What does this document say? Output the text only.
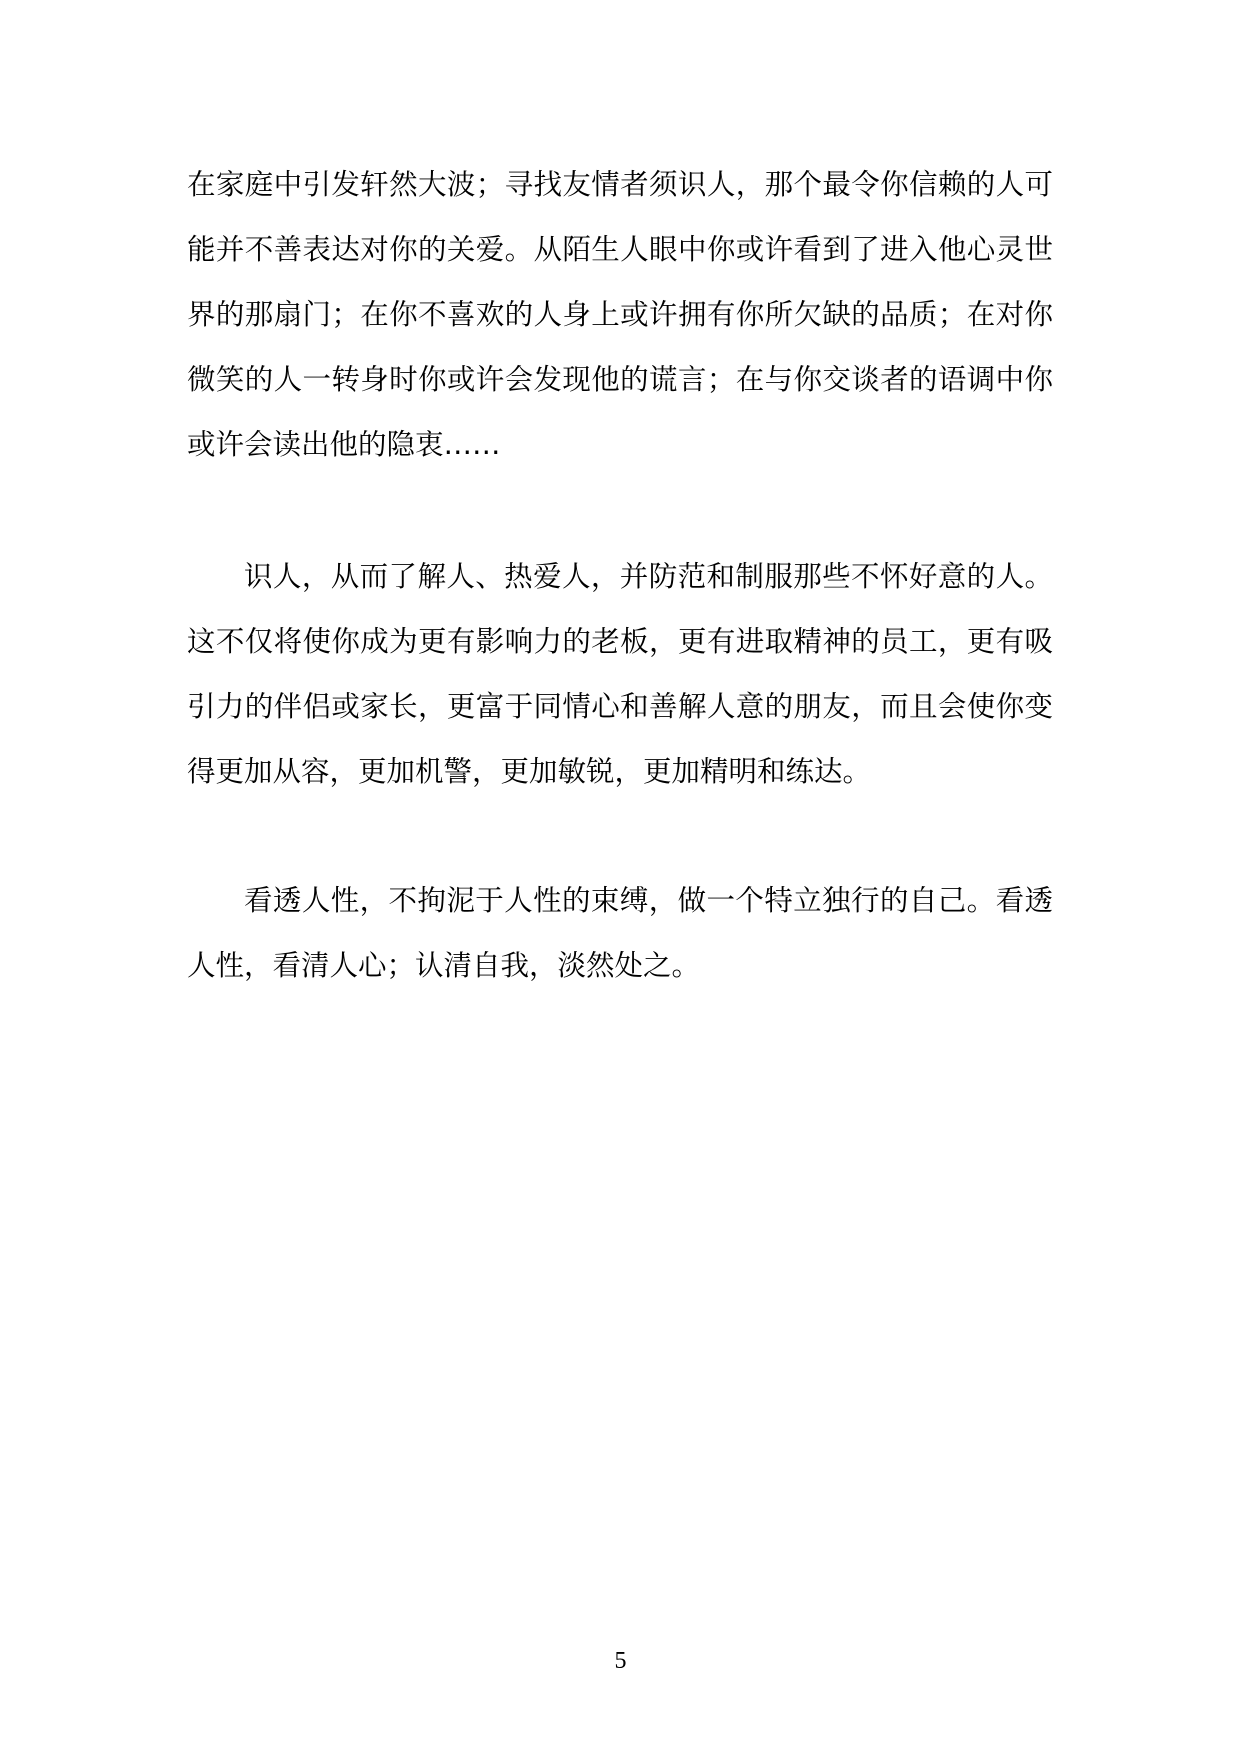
在家庭中引发轩然大波；寻找友情者须识人，那个最令你信赖的人可能并不善表达对你的关爱。从陌生人眼中你或许看到了进入他心灵世界的那扇门；在你不喜欢的人身上或许拥有你所欠缺的品质；在对你微笑的人一转身时你或许会发现他的谎言；在与你交谈者的语调中你或许会读出他的隐衷……

识人，从而了解人、热爱人，并防范和制服那些不怀好意的人。这不仅将使你成为更有影响力的老板，更有进取精神的员工，更有吸引力的伴侣或家长，更富于同情心和善解人意的朋友，而且会使你变得更加从容，更加机警，更加敏锐，更加精明和练达。

看透人性，不拘泥于人性的束缚，做一个特立独行的自己。看透人性，看清人心；认清自我，淡然处之。

5
